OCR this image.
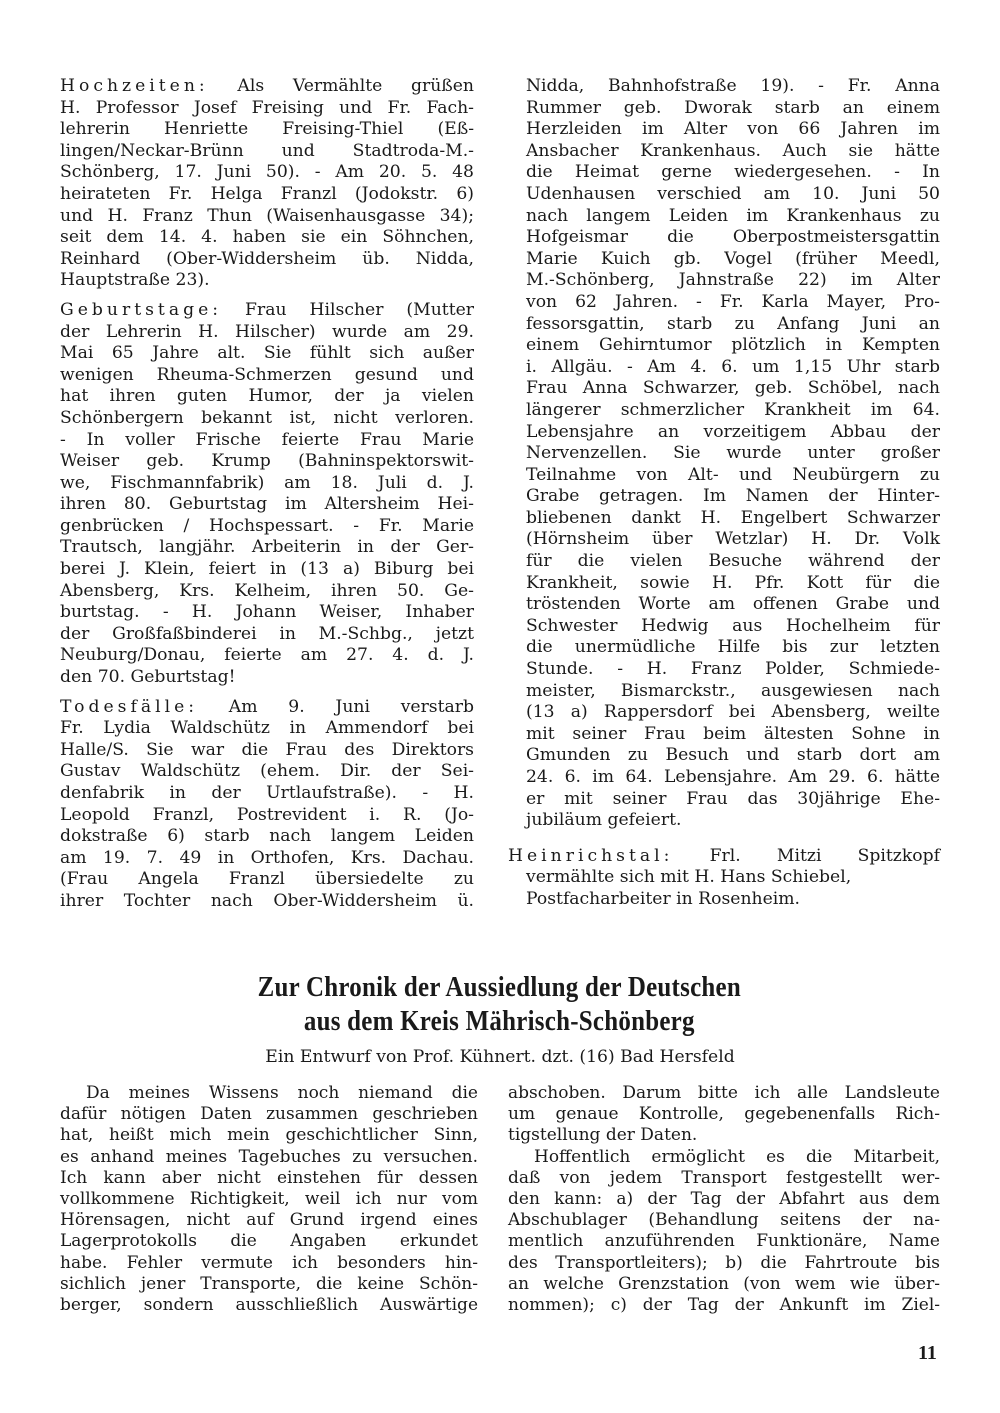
Hochzeiten: Als Vermählte grüßen
H. Professor Josef Freising und Fr. Fach-
lehrerin Henriette Freising-Thiel (Eß-
lingen/Neckar-Brünn und Stadtroda-M.-
Schönberg, 17. Juni 50). - Am 20. 5. 48
heirateten Fr. Helga Franzl (Jodokstr. 6)
und H. Franz Thun (Waisenhausgasse 34);
seit dem 14. 4. haben sie ein Söhnchen,
Reinhard (Ober-Widdersheim üb. Nidda,
Hauptstraße 23).
Geburtstage: Frau Hilscher (Mutter
der Lehrerin H. Hilscher) wurde am 29.
Mai 65 Jahre alt. Sie fühlt sich außer
wenigen Rheuma-Schmerzen gesund und
hat ihren guten Humor, der ja vielen
Schönbergern bekannt ist, nicht verloren.
- In voller Frische feierte Frau Marie
Weiser geb. Krump (Bahninspektorswit-
we, Fischmannfabrik) am 18. Juli d. J.
ihren 80. Geburtstag im Altersheim Hei-
genbrücken / Hochspessart. - Fr. Marie
Trautsch, langjähr. Arbeiterin in der Ger-
berei J. Klein, feiert in (13 a) Biburg bei
Abensberg, Krs. Kelheim, ihren 50. Ge-
burtstag. - H. Johann Weiser, Inhaber
der Großfaßbinderei in M.-Schbg., jetzt
Neuburg/Donau, feierte am 27. 4. d. J.
den 70. Geburtstag!
Todesfälle: Am 9. Juni verstarb
Fr. Lydia Waldschütz in Ammendorf bei
Halle/S. Sie war die Frau des Direktors
Gustav Waldschütz (ehem. Dir. der Sei-
denfabrik in der Urtlaufstraße). - H.
Leopold Franzl, Postrevident i. R. (Jo-
dokstraße 6) starb nach langem Leiden
am 19. 7. 49 in Orthofen, Krs. Dachau.
(Frau Angela Franzl übersiedelte zu
ihrer Tochter nach Ober-Widdersheim ü.
Nidda, Bahnhofstraße 19). - Fr. Anna
Rummer geb. Dworak starb an einem
Herzleiden im Alter von 66 Jahren im
Ansbacher Krankenhaus. Auch sie hätte
die Heimat gerne wiedergesehen. - In
Udenhausen verschied am 10. Juni 50
nach langem Leiden im Krankenhaus zu
Hofgeismar die Oberpostmeistersgattin
Marie Kuich gb. Vogel (früher Meedl,
M.-Schönberg, Jahnstraße 22) im Alter
von 62 Jahren. - Fr. Karla Mayer, Pro-
fessorsgattin, starb zu Anfang Juni an
einem Gehirntumor plötzlich in Kempten
i. Allgäu. - Am 4. 6. um 1,15 Uhr starb
Frau Anna Schwarzer, geb. Schöbel, nach
längerer schmerzlicher Krankheit im 64.
Lebensjahre an vorzeitigem Abbau der
Nervenzellen. Sie wurde unter großer
Teilnahme von Alt- und Neubürgern zu
Grabe getragen. Im Namen der Hinter-
bliebenen dankt H. Engelbert Schwarzer
(Hörnsheim über Wetzlar) H. Dr. Volk
für die vielen Besuche während der
Krankheit, sowie H. Pfr. Kott für die
tröstenden Worte am offenen Grabe und
Schwester Hedwig aus Hochelheim für
die unermüdliche Hilfe bis zur letzten
Stunde. - H. Franz Polder, Schmiede-
meister, Bismarckstr., ausgewiesen nach
(13 a) Rappersdorf bei Abensberg, weilte
mit seiner Frau beim ältesten Sohne in
Gmunden zu Besuch und starb dort am
24. 6. im 64. Lebensjahre. Am 29. 6. hätte
er mit seiner Frau das 30jährige Ehe-
jubiläum gefeiert.
Heinrichstal: Frl. Mitzi Spitzkopf
vermählte sich mit H. Hans Schiebel,
Postfacharbeiter in Rosenheim.
Zur Chronik der Aussiedlung der Deutschen
aus dem Kreis Mährisch-Schönberg
Ein Entwurf von Prof. Kühnert. dzt. (16) Bad Hersfeld
Da meines Wissens noch niemand die
dafür nötigen Daten zusammen geschrieben
hat, heißt mich mein geschichtlicher Sinn,
es anhand meines Tagebuches zu versuchen.
Ich kann aber nicht einstehen für dessen
vollkommene Richtigkeit, weil ich nur vom
Hörensagen, nicht auf Grund irgend eines
Lagerprotokolls die Angaben erkundet
habe. Fehler vermute ich besonders hin-
sichlich jener Transporte, die keine Schön-
berger, sondern ausschließlich Auswärtige
abschoben. Darum bitte ich alle Landsleute
um genaue Kontrolle, gegebenenfalls Rich-
tigstellung der Daten.
Hoffentlich ermöglicht es die Mitarbeit,
daß von jedem Transport festgestellt wer-
den kann: a) der Tag der Abfahrt aus dem
Abschublager (Behandlung seitens der na-
mentlich anzuführenden Funktionäre, Name
des Transportleiters); b) die Fahrtroute bis
an welche Grenzstation (von wem wie über-
nommen); c) der Tag der Ankunft im Ziel-
11
